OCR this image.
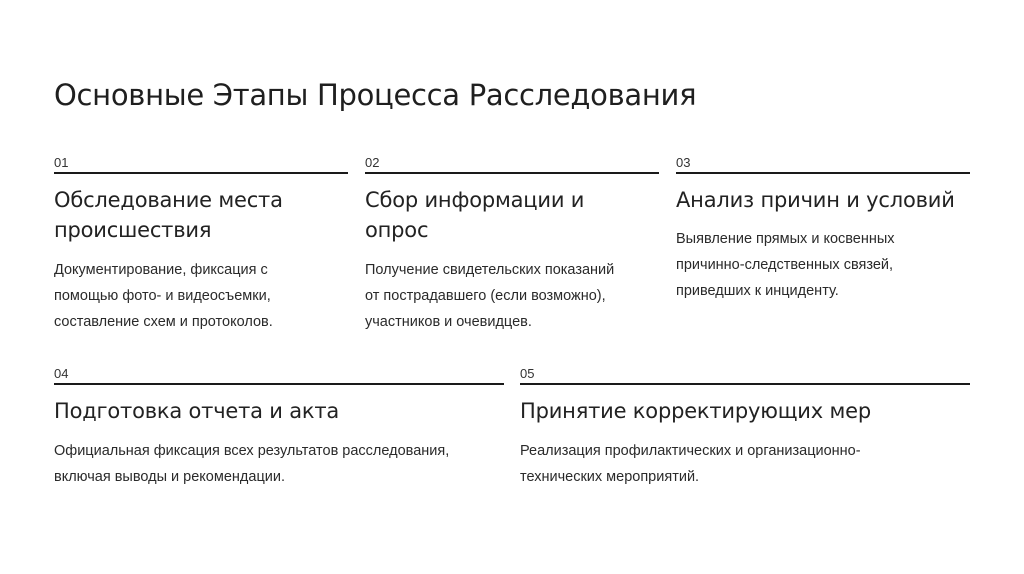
Основные Этапы Процесса Расследования
01
Обследование места
происшествия
Документирование, фиксация с
помощью фото- и видеосъемки,
составление схем и протоколов.
02
Сбор информации и
опрос
Получение свидетельских показаний
от пострадавшего (если возможно),
участников и очевидцев.
03
Анализ причин и условий
Выявление прямых и косвенных
причинно-следственных связей,
приведших к инциденту.
04
Подготовка отчета и акта
Официальная фиксация всех результатов расследования,
включая выводы и рекомендации.
05
Принятие корректирующих мер
Реализация профилактических и организационно-
технических мероприятий.
